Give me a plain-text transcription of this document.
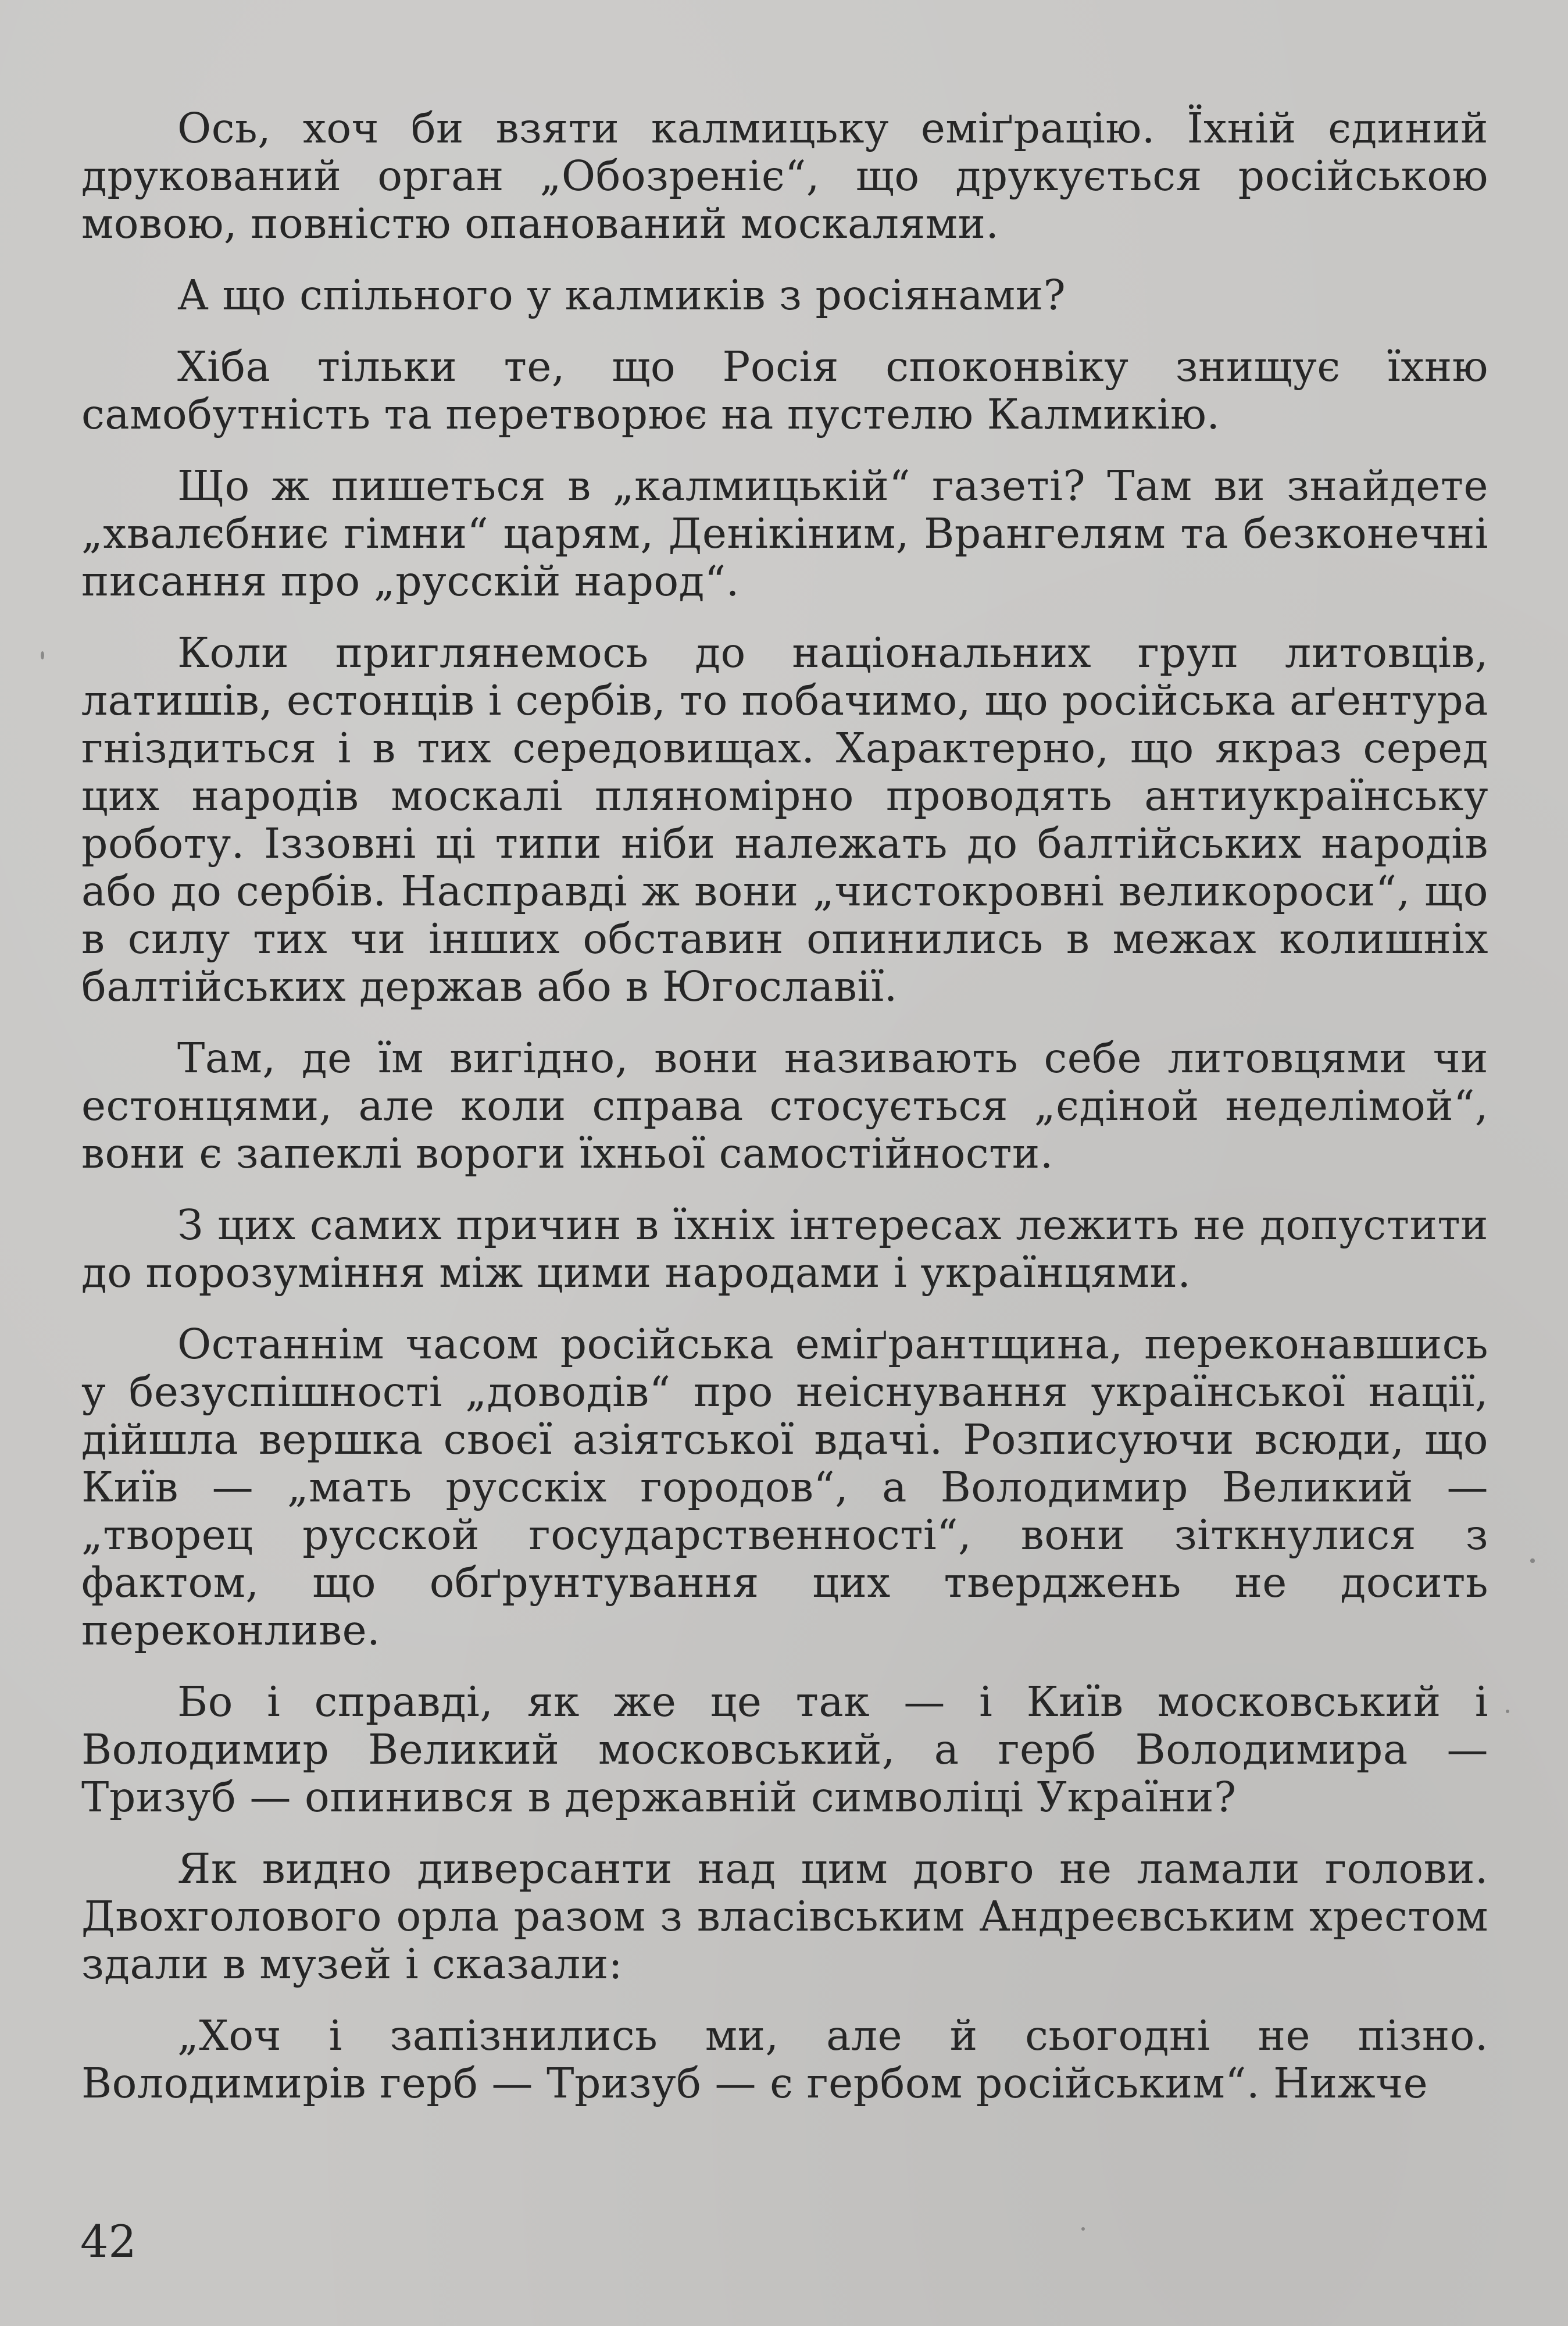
Ось, хоч би взяти калмицьку еміґрацію. Їхній єдиний друкований орган „Обозреніє“, що друкується російською мовою, повністю опанований москалями.

А що спільного у калмиків з росіянами?

Хіба тільки те, що Росія споконвіку знищує їхню самобутність та перетворює на пустелю Калмикію.

Що ж пишеться в „калмицькій“ газеті? Там ви знайдете „хвалєбниє гімни“ царям, Денікіним, Врангелям та безконечні писання про „русскій народ“.

Коли приглянемось до національних груп литовців, латишів, естонців і сербів, то побачимо, що російська аґентура гніздиться і в тих середовищах. Характерно, що якраз серед цих народів москалі пляномірно проводять антиукраїнську роботу. Іззовні ці типи ніби належать до балтійських народів або до сербів. Насправді ж вони „чистокровні великороси“, що в силу тих чи інших обставин опинились в межах колишніх балтійських держав або в Югославії.

Там, де їм вигідно, вони називають себе литовцями чи естонцями, але коли справа стосується „єдіной неделімой“, вони є запеклі вороги їхньої самостійности.

З цих самих причин в їхніх інтересах лежить не допустити до порозуміння між цими народами і українцями.

Останнім часом російська еміґрантщина, переконавшись у безуспішності „доводів“ про неіснування української нації, дійшла вершка своєї азіятської вдачі. Розписуючи всюди, що Київ — „мать русскіх городов“, а Володимир Великий — „творец русской государственності“, вони зіткнулися з фактом, що обґрунтування цих тверджень не досить переконливе.

Бо і справді, як же це так — і Київ московський і Володимир Великий московський, а герб Володимира — Тризуб — опинився в державній символіці України?

Як видно диверсанти над цим довго не ламали голови. Двохголового орла разом з власівським Андреєвським хрестом здали в музей і сказали:

„Хоч і запізнились ми, але й сьогодні не пізно. Володимирів герб — Тризуб — є гербом російським“. Нижче

42
